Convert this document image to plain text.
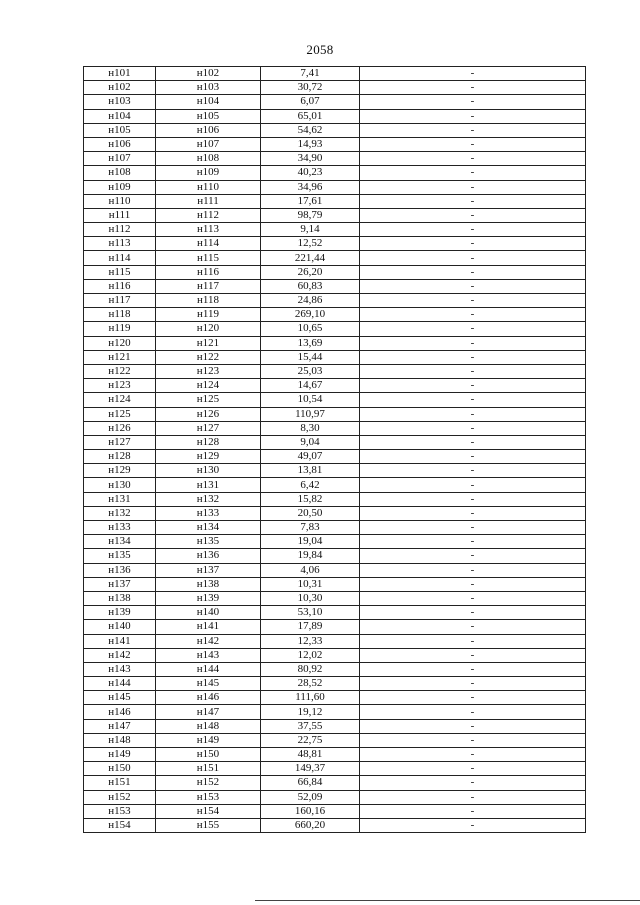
2058
н101	н102	7,41	-
н102	н103	30,72	-
н103	н104	6,07	-
н104	н105	65,01	-
н105	н106	54,62	-
н106	н107	14,93	-
н107	н108	34,90	-
н108	н109	40,23	-
н109	н110	34,96	-
н110	н111	17,61	-
н111	н112	98,79	-
н112	н113	9,14	-
н113	н114	12,52	-
н114	н115	221,44	-
н115	н116	26,20	-
н116	н117	60,83	-
н117	н118	24,86	-
н118	н119	269,10	-
н119	н120	10,65	-
н120	н121	13,69	-
н121	н122	15,44	-
н122	н123	25,03	-
н123	н124	14,67	-
н124	н125	10,54	-
н125	н126	110,97	-
н126	н127	8,30	-
н127	н128	9,04	-
н128	н129	49,07	-
н129	н130	13,81	-
н130	н131	6,42	-
н131	н132	15,82	-
н132	н133	20,50	-
н133	н134	7,83	-
н134	н135	19,04	-
н135	н136	19,84	-
н136	н137	4,06	-
н137	н138	10,31	-
н138	н139	10,30	-
н139	н140	53,10	-
н140	н141	17,89	-
н141	н142	12,33	-
н142	н143	12,02	-
н143	н144	80,92	-
н144	н145	28,52	-
н145	н146	111,60	-
н146	н147	19,12	-
н147	н148	37,55	-
н148	н149	22,75	-
н149	н150	48,81	-
н150	н151	149,37	-
н151	н152	66,84	-
н152	н153	52,09	-
н153	н154	160,16	-
н154	н155	660,20	-
